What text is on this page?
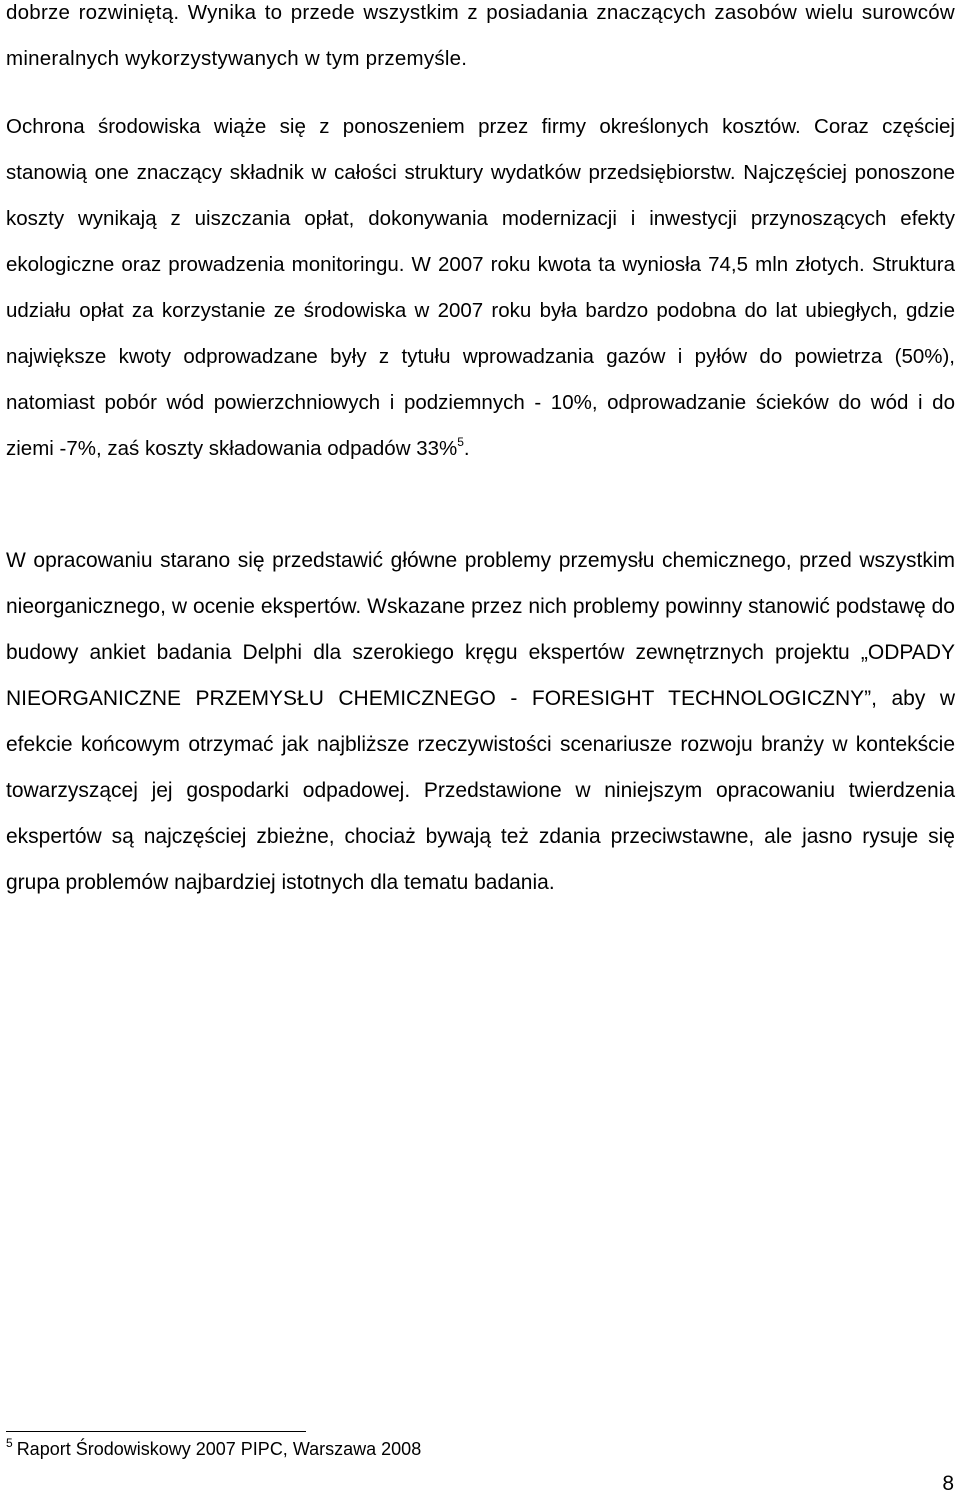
dobrze rozwiniętą. Wynika to przede wszystkim z posiadania znaczących zasobów wielu surowców mineralnych wykorzystywanych w tym przemyśle.

Ochrona środowiska wiąże się z ponoszeniem przez firmy określonych kosztów. Coraz częściej stanowią one znaczący składnik w całości struktury wydatków przedsiębiorstw. Najczęściej ponoszone koszty wynikają z uiszczania opłat, dokonywania modernizacji i inwestycji przynoszących efekty ekologiczne oraz prowadzenia monitoringu. W 2007 roku kwota ta wyniosła 74,5 mln złotych. Struktura udziału opłat za korzystanie ze środowiska w 2007 roku była bardzo podobna do lat ubiegłych, gdzie największe kwoty odprowadzane były z tytułu wprowadzania gazów i pyłów do powietrza (50%), natomiast pobór wód powierzchniowych i podziemnych - 10%, odprowadzanie ścieków do wód i do ziemi -7%, zaś koszty składowania odpadów 33%$^5$.

W opracowaniu starano się przedstawić główne problemy przemysłu chemicznego, przed wszystkim nieorganicznego, w ocenie ekspertów. Wskazane przez nich problemy powinny stanowić podstawę do budowy ankiet badania Delphi dla szerokiego kręgu ekspertów zewnętrznych projektu „ODPADY NIEORGANICZNE PRZEMYSŁU CHEMICZNEGO - FORESIGHT TECHNOLOGICZNY”, aby w efekcie końcowym otrzymać jak najbliższe rzeczywistości scenariusze rozwoju branży w kontekście towarzyszącej jej gospodarki odpadowej. Przedstawione w niniejszym opracowaniu twierdzenia ekspertów są najczęściej zbieżne, chociaż bywają też zdania przeciwstawne, ale jasno rysuje się grupa problemów najbardziej istotnych dla tematu badania.

$^5$ Raport Środowiskowy 2007 PIPC, Warszawa 2008
8
